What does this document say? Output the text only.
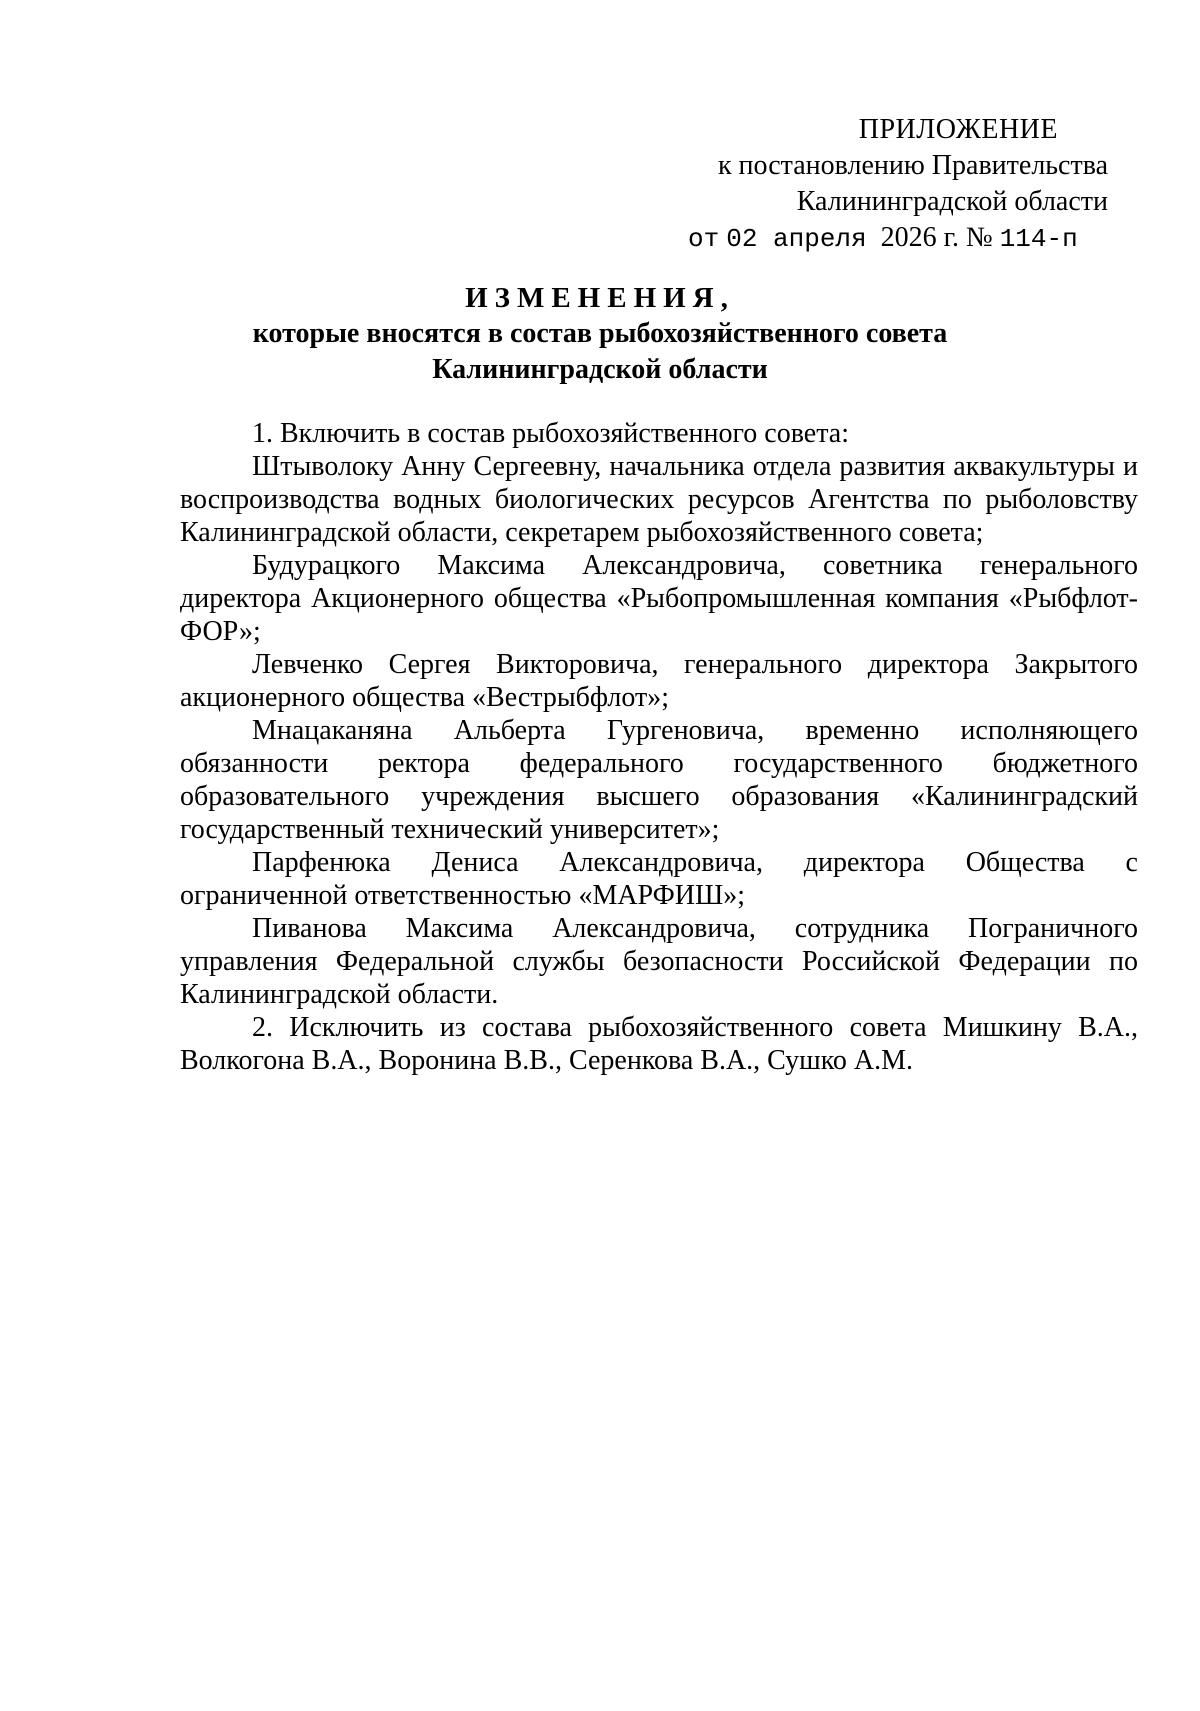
ПРИЛОЖЕНИЕ
к постановлению Правительства
Калининградской области
от 02 апреля 2026 г. № 114-п
ИЗМЕНЕНИЯ,
которые вносятся в состав рыбохозяйственного совета
Калининградской области

1. Включить в состав рыбохозяйственного совета:

Штыволоку Анну Сергеевну, начальника отдела развития аквакультуры и воспроизводства водных биологических ресурсов Агентства по рыболовству Калининградской области, секретарем рыбохозяйственного совета;

Будурацкого Максима Александровича, советника генерального директора Акционерного общества «Рыбопромышленная компания «Рыбфлот-ФОР»;

Левченко Сергея Викторовича, генерального директора Закрытого акционерного общества «Вестрыбфлот»;

Мнацаканяна Альберта Гургеновича, временно исполняющего обязанности ректора федерального государственного бюджетного образовательного учреждения высшего образования «Калининградский государственный технический университет»;

Парфенюка Дениса Александровича, директора Общества с ограниченной ответственностью «МАРФИШ»;

Пиванова Максима Александровича, сотрудника Пограничного управления Федеральной службы безопасности Российской Федерации по Калининградской области.

2. Исключить из состава рыбохозяйственного совета Мишкину В.А., Волкогона В.А., Воронина В.В., Серенкова В.А., Сушко А.М.
